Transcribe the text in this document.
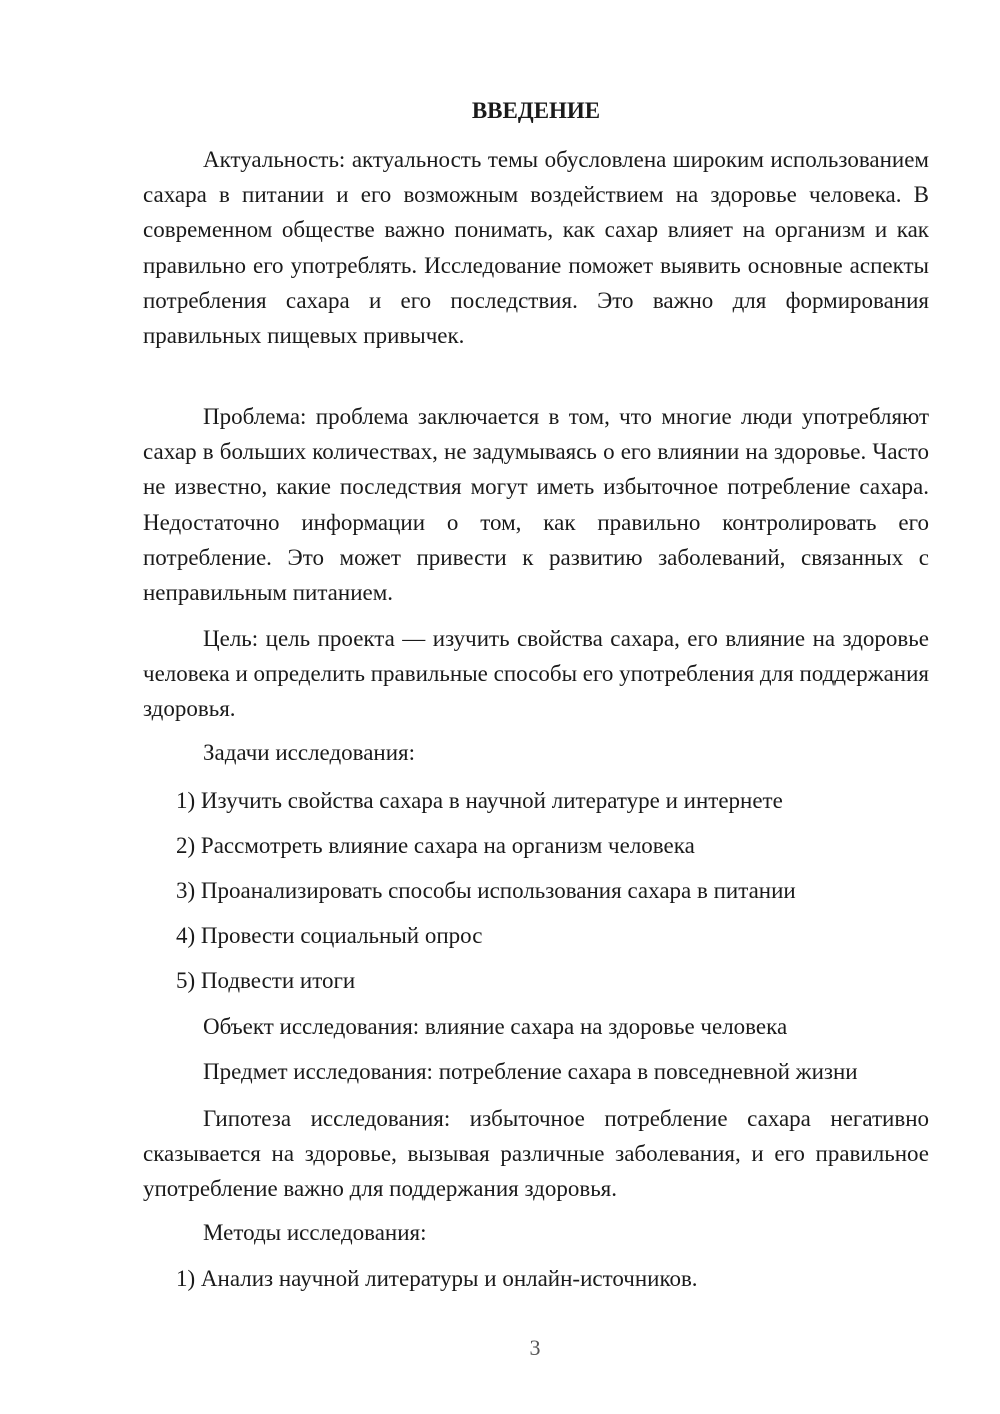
ВВЕДЕНИЕ

Актуальность: актуальность темы обусловлена широким использованием сахара в питании и его возможным воздействием на здоровье человека. В современном обществе важно понимать, как сахар влияет на организм и как правильно его употреблять. Исследование поможет выявить основные аспекты потребления сахара и его последствия. Это важно для формирования правильных пищевых привычек.

Проблема: проблема заключается в том, что многие люди употребляют сахар в больших количествах, не задумываясь о его влиянии на здоровье. Часто не известно, какие последствия могут иметь избыточное потребление сахара. Недостаточно информации о том, как правильно контролировать его потребление. Это может привести к развитию заболеваний, связанных с неправильным питанием.

Цель: цель проекта — изучить свойства сахара, его влияние на здоровье человека и определить правильные способы его употребления для поддержания здоровья.

Задачи исследования:

1) Изучить свойства сахара в научной литературе и интернете

2) Рассмотреть влияние сахара на организм человека

3) Проанализировать способы использования сахара в питании

4) Провести социальный опрос

5) Подвести итоги

Объект исследования: влияние сахара на здоровье человека

Предмет исследования: потребление сахара в повседневной жизни

Гипотеза исследования: избыточное потребление сахара негативно сказывается на здоровье, вызывая различные заболевания, и его правильное употребление важно для поддержания здоровья.

Методы исследования:

1) Анализ научной литературы и онлайн-источников.

3
